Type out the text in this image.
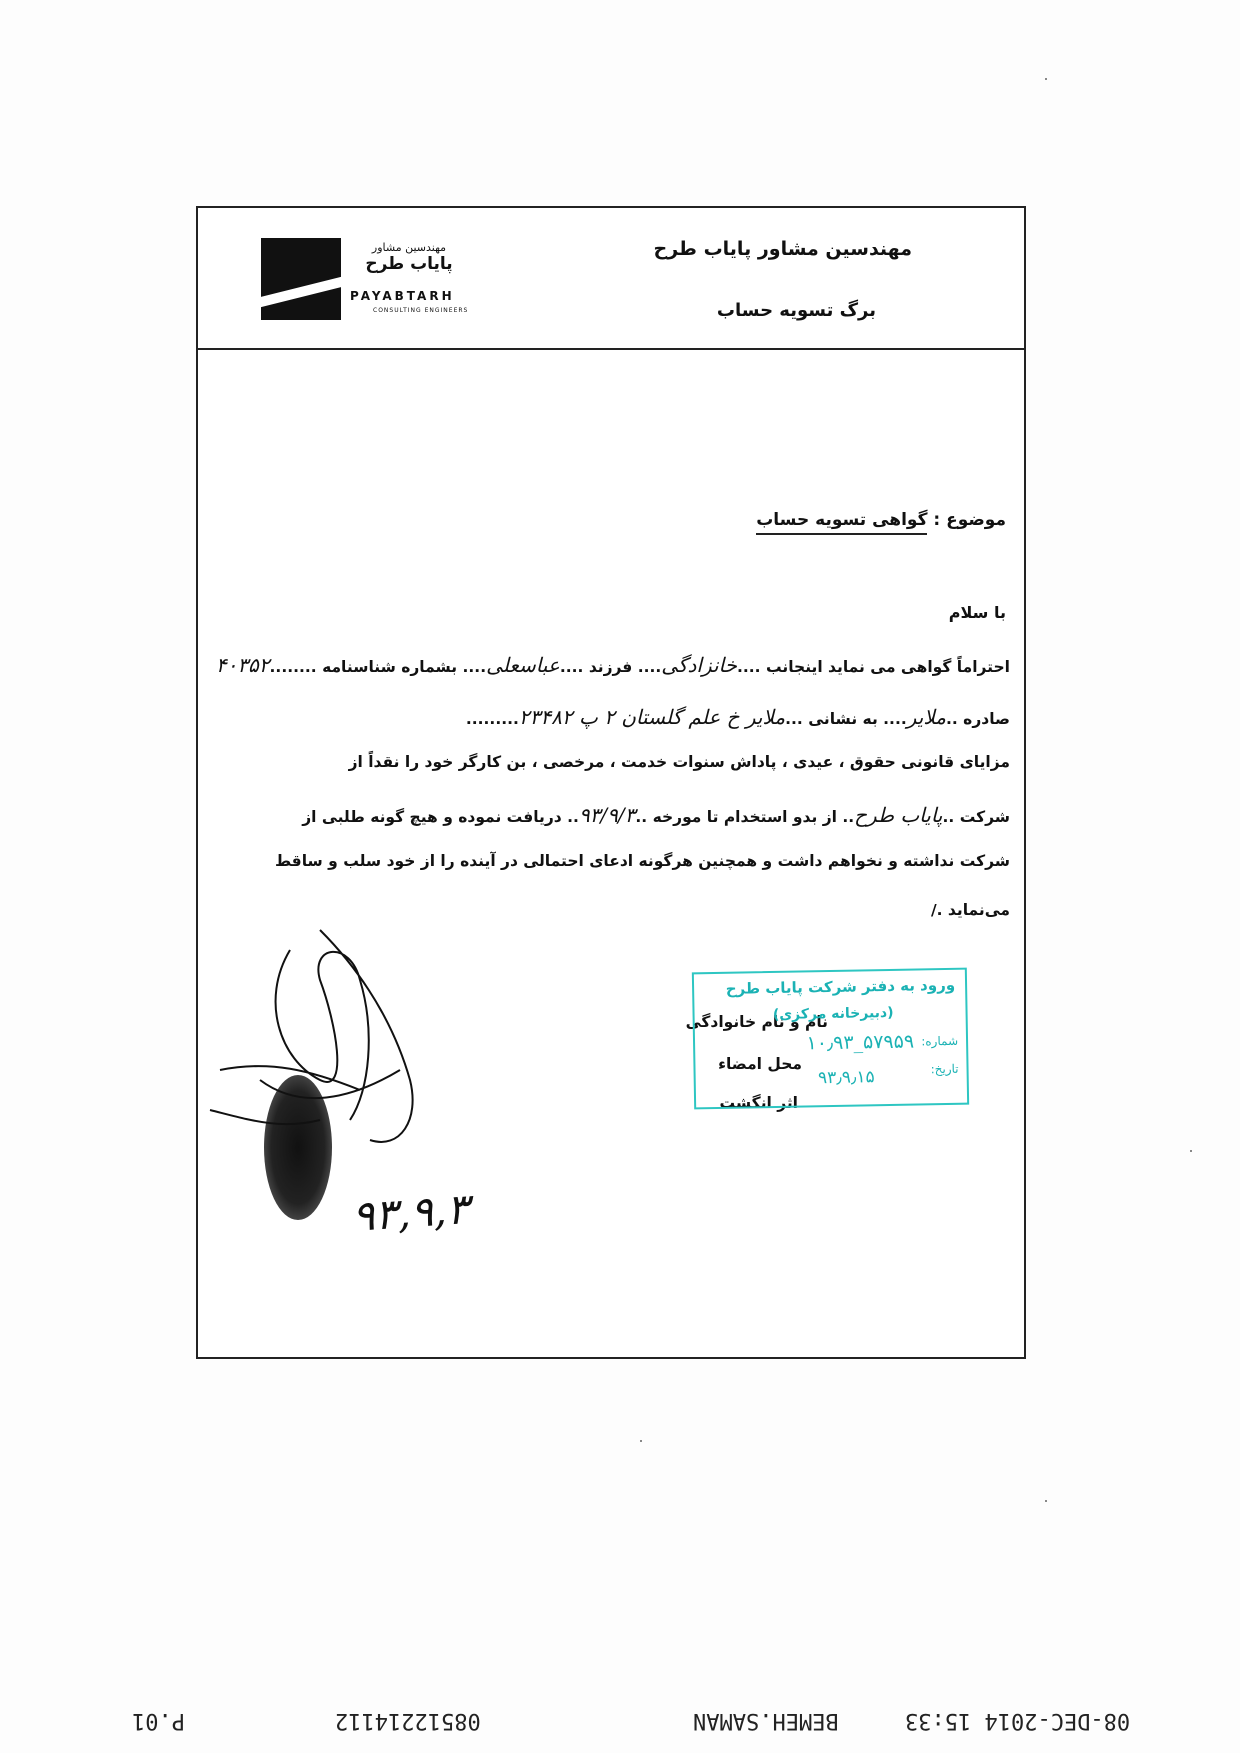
مهندسین مشاور
پایاب طرح
PAYABTARH
CONSULTING ENGINEERS
مهندسین مشاور پایاب طرح
برگ تسویه حساب
موضوع : گواهی تسویه حساب
با سلام
احتراماً گواهی می نماید اینجانب ....خانزادگی.... فرزند ....عباسعلی.... بشماره شناسنامه ........۴۰۳۵۲
صادره ..ملایر.... به نشانی ...ملایر خ علم گلستان ۲ پ ۲۳۴۸۲.........
مزایای قانونی حقوق ، عیدی ، پاداش سنوات خدمت ، مرخصی ، بن کارگر خود را نقداً از
شرکت ..پایاب طرح.. از بدو استخدام تا مورخه ..۹۳/۹/۳.. دریافت نموده و هیچ گونه طلبی از
شرکت نداشته و نخواهم داشت و همچنین هرگونه ادعای احتمالی در آینده را از خود سلب و ساقط
می‌نماید ./
نام و نام خانوادگی
محل امضاء
اثر انگشت
۹۳,۹,۳
ورود به دفتر شرکت پایاب طرح
(دبیرخانه مرکزی)
شماره:
تاریخ:
۱۰٫۹۳_۵۷۹۵۹
۹۳٫۹٫۱۵
08-DEC-2014 15:33
BEMEH.SAMAN
08512214112
P.01
